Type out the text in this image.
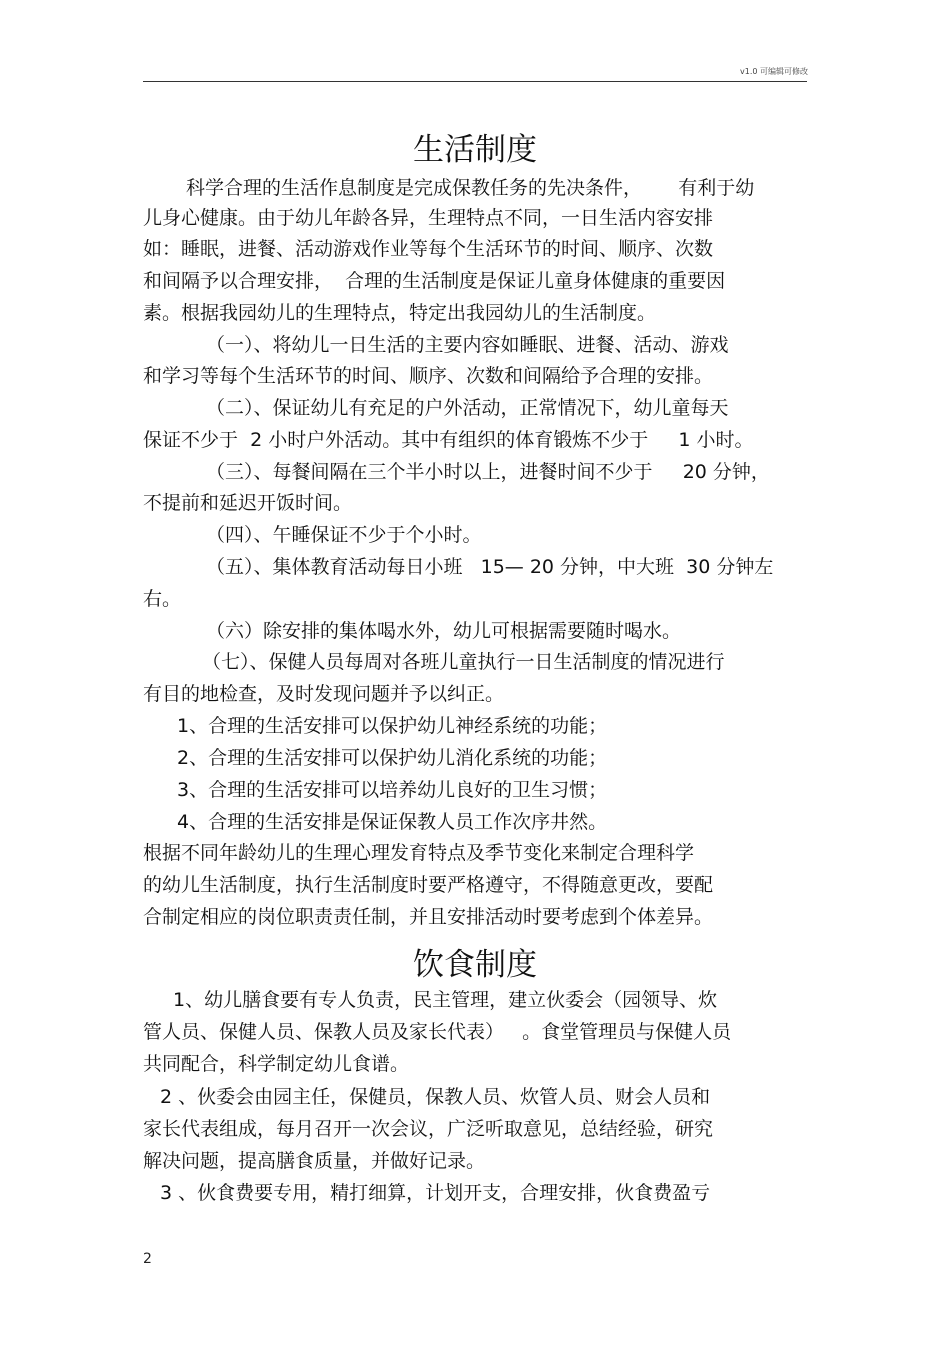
v1.0 可编辑可修改
生活制度
科学合理的生活作息制度是完成保教任务的先决条件，      有利于幼
儿身心健康。由于幼儿年龄各异，生理特点不同，一日生活内容安排
如：睡眠，进餐、活动游戏作业等每个生活环节的时间、顺序、次数
和间隔予以合理安排，  合理的生活制度是保证儿童身体健康的重要因
素。根据我园幼儿的生理特点，特定出我园幼儿的生活制度。
（一）、将幼儿一日生活的主要内容如睡眠、进餐、活动、游戏
和学习等每个生活环节的时间、顺序、次数和间隔给予合理的安排。
（二）、保证幼儿有充足的户外活动，正常情况下，幼儿童每天
保证不少于  2 小时户外活动。其中有组织的体育锻炼不少于     1 小时。
（三）、每餐间隔在三个半小时以上，进餐时间不少于     20 分钟，
不提前和延迟开饭时间。
（四）、午睡保证不少于个小时。
（五）、集体教育活动每日小班   15— 20 分钟，中大班  30 分钟左
右。
（六）除安排的集体喝水外，幼儿可根据需要随时喝水。
（七）、保健人员每周对各班儿童执行一日生活制度的情况进行
有目的地检查，及时发现问题并予以纠正。
1、合理的生活安排可以保护幼儿神经系统的功能；
2、合理的生活安排可以保护幼儿消化系统的功能；
3、合理的生活安排可以培养幼儿良好的卫生习惯；
4、合理的生活安排是保证保教人员工作次序井然。
根据不同年龄幼儿的生理心理发育特点及季节变化来制定合理科学
的幼儿生活制度，执行生活制度时要严格遵守，不得随意更改，要配
合制定相应的岗位职责责任制，并且安排活动时要考虑到个体差异。
饮食制度
1、幼儿膳食要有专人负责，民主管理，建立伙委会（园领导、炊
管人员、保健人员、保教人员及家长代表）   。食堂管理员与保健人员
共同配合，科学制定幼儿食谱。
2 、伙委会由园主任，保健员，保教人员、炊管人员、财会人员和
家长代表组成，每月召开一次会议，广泛听取意见，总结经验，研究
解决问题，提高膳食质量，并做好记录。
3 、伙食费要专用，精打细算，计划开支，合理安排，伙食费盈亏
2
